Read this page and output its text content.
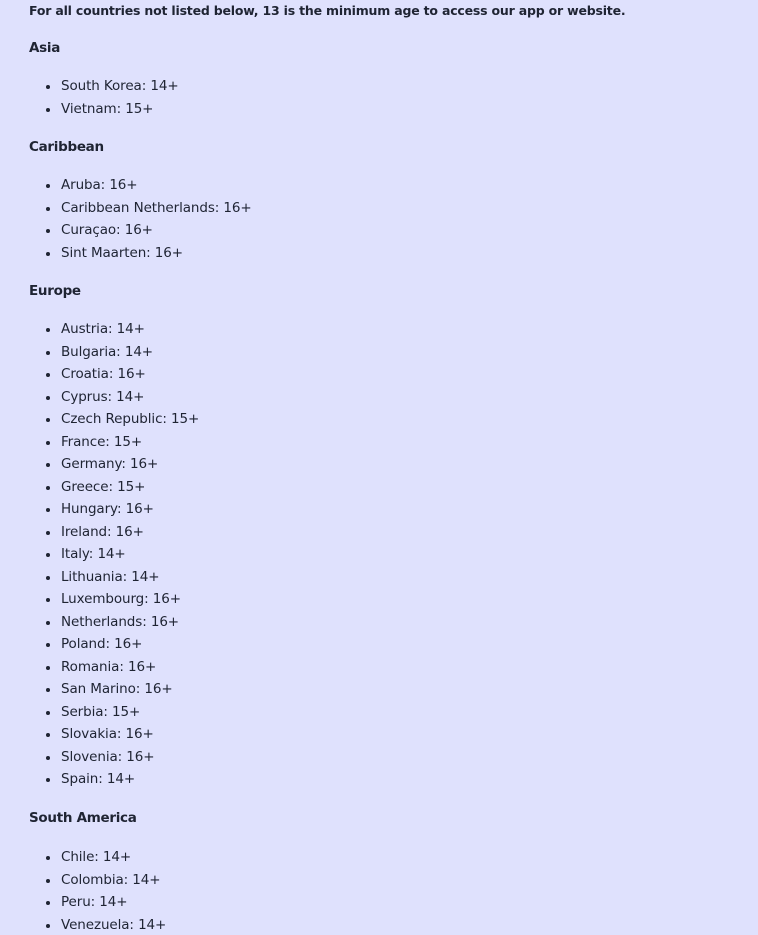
For all countries not listed below, 13 is the minimum age to access our app or website.

Asia
South Korea: 14+
Vietnam: 15+
Caribbean
Aruba: 16+
Caribbean Netherlands: 16+
Curaçao: 16+
Sint Maarten: 16+
Europe
Austria: 14+
Bulgaria: 14+
Croatia: 16+
Cyprus: 14+
Czech Republic: 15+
France: 15+
Germany: 16+
Greece: 15+
Hungary: 16+
Ireland: 16+
Italy: 14+
Lithuania: 14+
Luxembourg: 16+
Netherlands: 16+
Poland: 16+
Romania: 16+
San Marino: 16+
Serbia: 15+
Slovakia: 16+
Slovenia: 16+
Spain: 14+
South America
Chile: 14+
Colombia: 14+
Peru: 14+
Venezuela: 14+
